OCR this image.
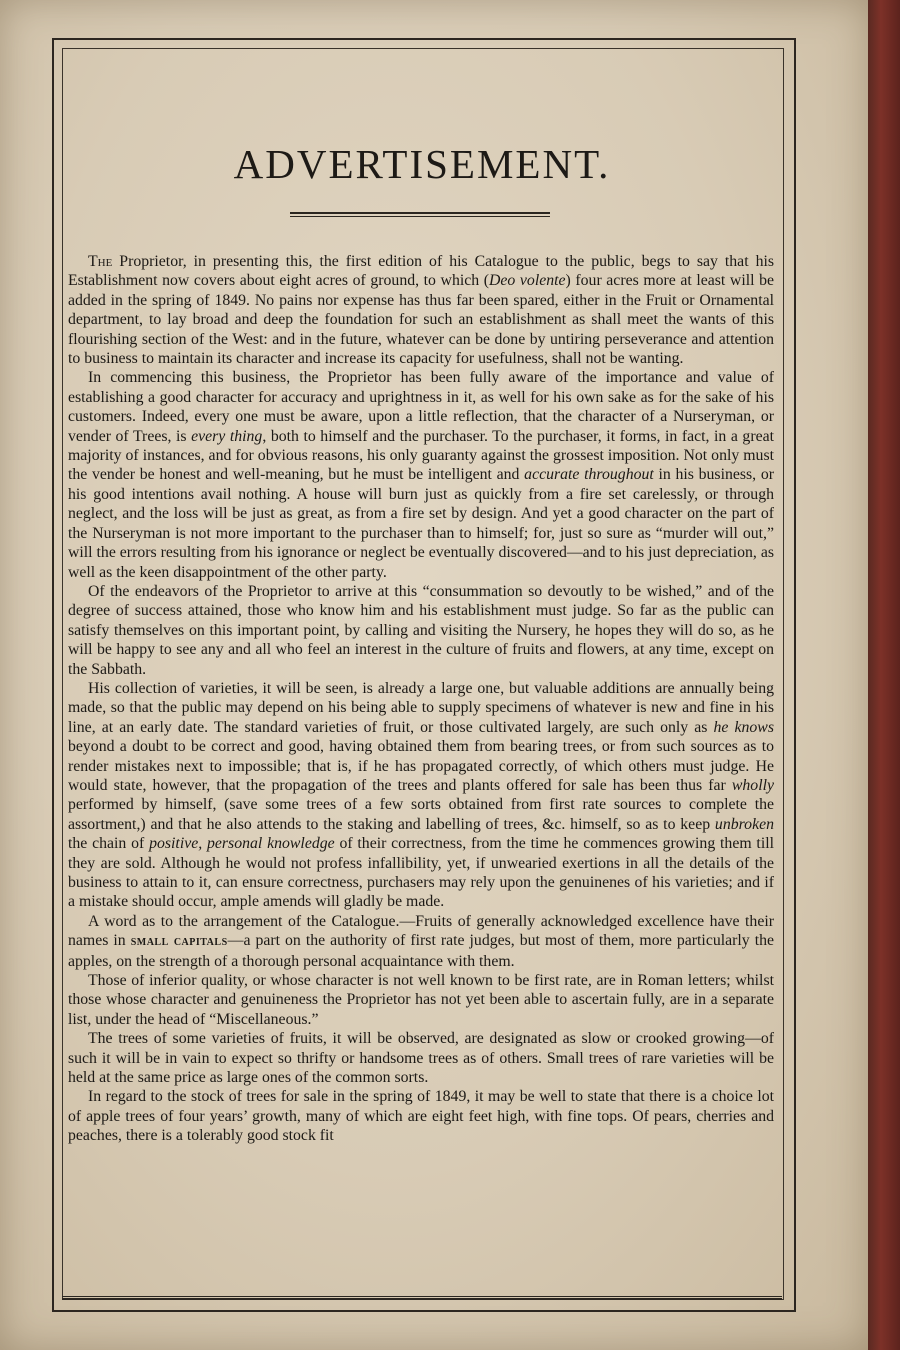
ADVERTISEMENT.

The Proprietor, in presenting this, the first edition of his Catalogue to the public, begs to say that his Establishment now covers about eight acres of ground, to which (Deo volente) four acres more at least will be added in the spring of 1849. No pains nor expense has thus far been spared, either in the Fruit or Ornamental department, to lay broad and deep the foundation for such an establishment as shall meet the wants of this flourishing section of the West: and in the future, whatever can be done by untiring perseverance and attention to business to maintain its character and increase its capacity for usefulness, shall not be wanting.

In commencing this business, the Proprietor has been fully aware of the importance and value of establishing a good character for accuracy and uprightness in it, as well for his own sake as for the sake of his customers. Indeed, every one must be aware, upon a little reflection, that the character of a Nurseryman, or vender of Trees, is every thing, both to himself and the purchaser. To the purchaser, it forms, in fact, in a great majority of instances, and for obvious reasons, his only guaranty against the grossest imposition. Not only must the vender be honest and well-meaning, but he must be intelligent and accurate throughout in his business, or his good intentions avail nothing. A house will burn just as quickly from a fire set carelessly, or through neglect, and the loss will be just as great, as from a fire set by design. And yet a good character on the part of the Nurseryman is not more important to the purchaser than to himself; for, just so sure as “murder will out,” will the errors resulting from his ignorance or neglect be eventually discovered—and to his just depreciation, as well as the keen disappointment of the other party.

Of the endeavors of the Proprietor to arrive at this “consummation so devoutly to be wished,” and of the degree of success attained, those who know him and his establishment must judge. So far as the public can satisfy themselves on this important point, by calling and visiting the Nursery, he hopes they will do so, as he will be happy to see any and all who feel an interest in the culture of fruits and flowers, at any time, except on the Sabbath.

His collection of varieties, it will be seen, is already a large one, but valuable additions are annually being made, so that the public may depend on his being able to supply specimens of whatever is new and fine in his line, at an early date. The standard varieties of fruit, or those cultivated largely, are such only as he knows beyond a doubt to be correct and good, having obtained them from bearing trees, or from such sources as to render mistakes next to impossible; that is, if he has propagated correctly, of which others must judge. He would state, however, that the propagation of the trees and plants offered for sale has been thus far wholly performed by himself, (save some trees of a few sorts obtained from first rate sources to complete the assortment,) and that he also attends to the staking and labelling of trees, &c. himself, so as to keep unbroken the chain of positive, personal knowledge of their correctness, from the time he commences growing them till they are sold. Although he would not profess infallibility, yet, if unwearied exertions in all the details of the business to attain to it, can ensure correctness, purchasers may rely upon the genuinenes of his varieties; and if a mistake should occur, ample amends will gladly be made.

A word as to the arrangement of the Catalogue.—Fruits of generally acknowledged excellence have their names in small capitals—a part on the authority of first rate judges, but most of them, more particularly the apples, on the strength of a thorough personal acquaintance with them.

Those of inferior quality, or whose character is not well known to be first rate, are in Roman letters; whilst those whose character and genuineness the Proprietor has not yet been able to ascertain fully, are in a separate list, under the head of “Miscellaneous.”

The trees of some varieties of fruits, it will be observed, are designated as slow or crooked growing—of such it will be in vain to expect so thrifty or handsome trees as of others. Small trees of rare varieties will be held at the same price as large ones of the common sorts.

In regard to the stock of trees for sale in the spring of 1849, it may be well to state that there is a choice lot of apple trees of four years’ growth, many of which are eight feet high, with fine tops. Of pears, cherries and peaches, there is a tolerably good stock fit
